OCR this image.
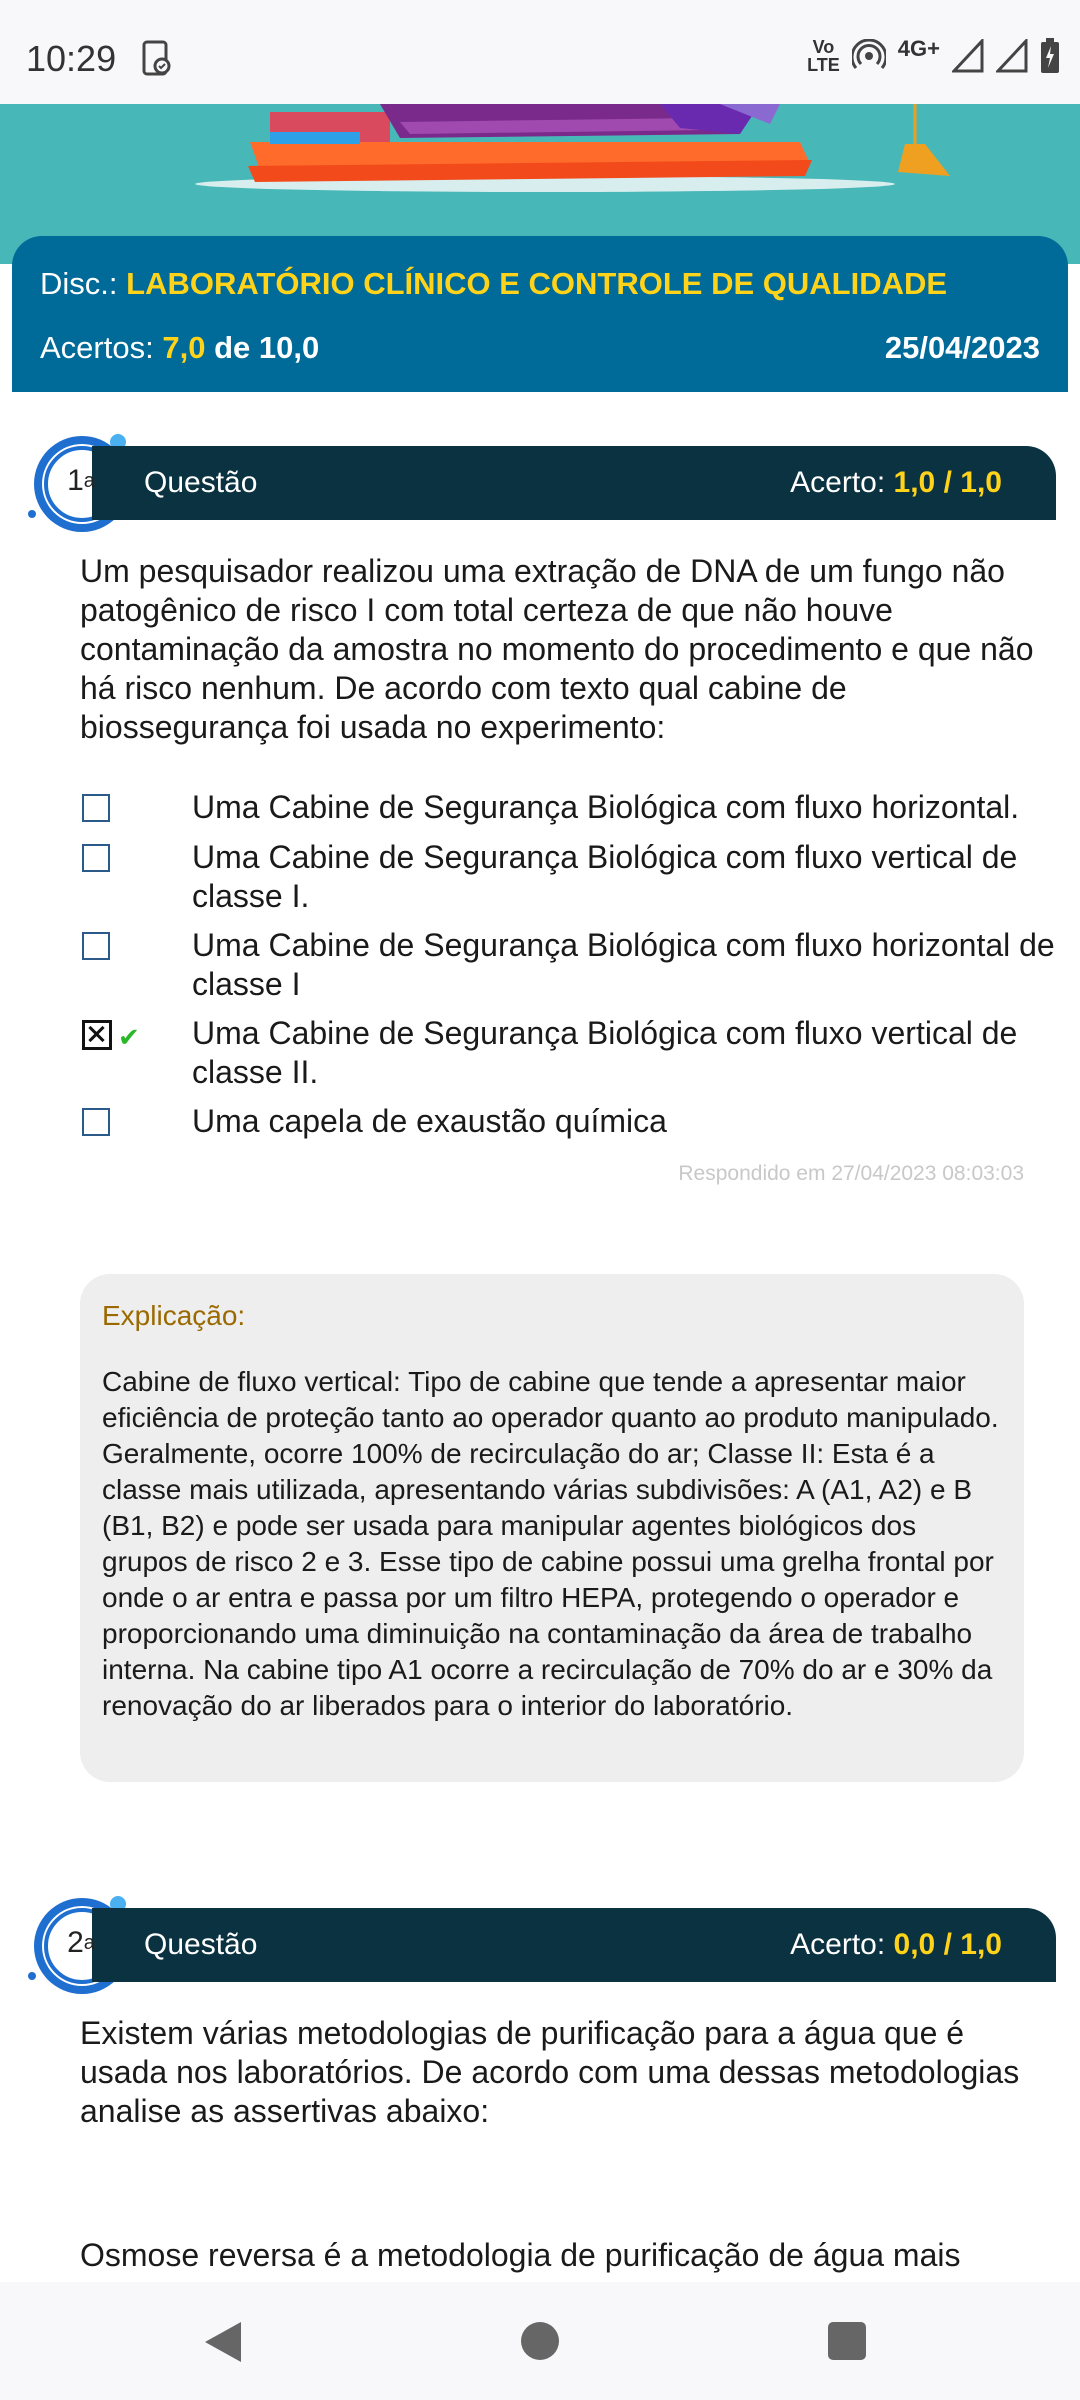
10:29	Vo
LTE
4G+
Disc.: LABORATÓRIO CLÍNICO E CONTROLE DE QUALIDADE
Acertos: 7,0 de 10,0	25/04/2023
Questão	Acerto: 1,0 / 1,0
1 a
Um pesquisador realizou uma extração de DNA de um fungo não patogênico de risco I com total certeza de que não houve contaminação da amostra no momento do procedimento e que não há risco nenhum. De acordo com texto qual cabine de biossegurança foi usada no experimento:
Uma Cabine de Segurança Biológica com fluxo horizontal.
Uma Cabine de Segurança Biológica com fluxo vertical de classe I.
Uma Cabine de Segurança Biológica com fluxo horizontal de classe I
✔ Uma Cabine de Segurança Biológica com fluxo vertical de classe II.
Uma capela de exaustão química
Respondido em 27/04/2023 08:03:03
Explicação:
Cabine de fluxo vertical: Tipo de cabine que tende a apresentar maior eficiência de proteção tanto ao operador quanto ao produto manipulado. Geralmente, ocorre 100% de recirculação do ar; Classe II: Esta é a classe mais utilizada, apresentando várias subdivisões: A (A1, A2) e B (B1, B2) e pode ser usada para manipular agentes biológicos dos grupos de risco 2 e 3. Esse tipo de cabine possui uma grelha frontal por onde o ar entra e passa por um filtro HEPA, protegendo o operador e proporcionando uma diminuição na contaminação da área de trabalho interna. Na cabine tipo A1 ocorre a recirculação de 70% do ar e 30% da renovação do ar liberados para o interior do laboratório.
Questão	Acerto: 0,0 / 1,0
2 a
Existem várias metodologias de purificação para a água que é usada nos laboratórios. De acordo com uma dessas metodologias analise as assertivas abaixo:
Osmose reversa é a metodologia de purificação de água mais
